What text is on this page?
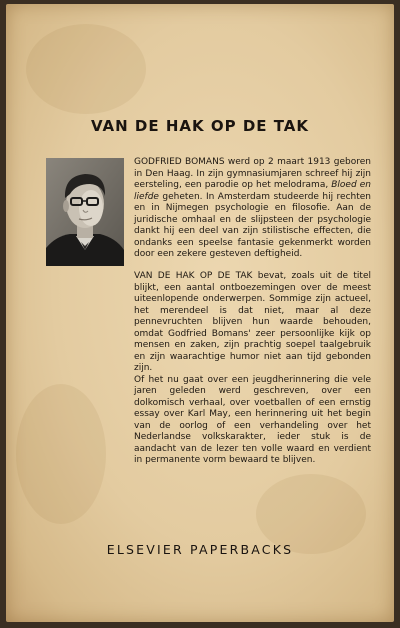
VAN DE HAK OP DE TAK

GODFRIED BOMANS werd op 2 maart 1913 geboren in Den Haag. In zijn gymnasiumjaren schreef hij zijn eersteling, een parodie op het melodrama, Bloed en liefde geheten. In Amsterdam studeerde hij rechten en in Nijmegen psychologie en filosofie. Aan de juridische omhaal en de slijpsteen der psychologie dankt hij een deel van zijn stilistische effecten, die ondanks een speelse fantasie gekenmerkt worden door een zekere gesteven deftigheid.

VAN DE HAK OP DE TAK bevat, zoals uit de titel blijkt, een aantal ontboezemingen over de meest uiteenlopende onderwerpen. Sommige zijn actueel, het merendeel is dat niet, maar al deze pennevruchten blijven hun waarde behouden, omdat Godfried Bomans' zeer persoonlijke kijk op mensen en zaken, zijn prachtig soepel taalgebruik en zijn waarachtige humor niet aan tijd gebonden zijn.

Of het nu gaat over een jeugdherinnering die vele jaren geleden werd geschreven, over een dolkomisch verhaal, over voetballen of een ernstig essay over Karl May, een herinnering uit het begin van de oorlog of een verhandeling over het Nederlandse volkskarakter, ieder stuk is de aandacht van de lezer ten volle waard en verdient in permanente vorm bewaard te blijven.

ELSEVIER PAPERBACKS
